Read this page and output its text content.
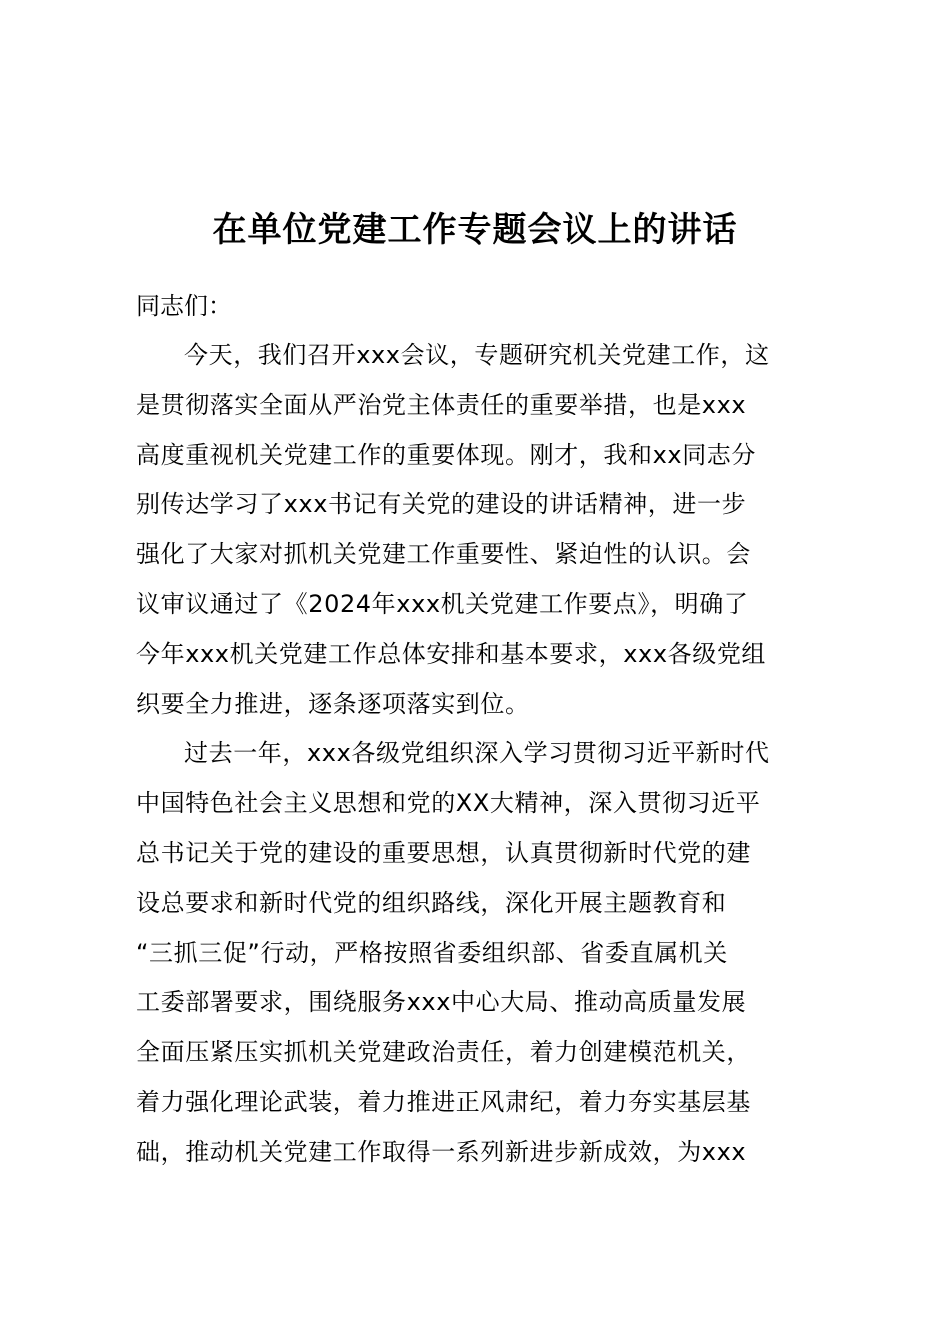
在单位党建工作专题会议上的讲话
同志们：
今天，我们召开xxx会议，专题研究机关党建工作，这
是贯彻落实全面从严治党主体责任的重要举措，也是xxx
高度重视机关党建工作的重要体现。刚才，我和xx同志分
别传达学习了xxx书记有关党的建设的讲话精神，进一步
强化了大家对抓机关党建工作重要性、紧迫性的认识。会
议审议通过了《2024年xxx机关党建工作要点》，明确了
今年xxx机关党建工作总体安排和基本要求，xxx各级党组
织要全力推进，逐条逐项落实到位。
过去一年，xxx各级党组织深入学习贯彻习近平新时代
中国特色社会主义思想和党的XX大精神，深入贯彻习近平
总书记关于党的建设的重要思想，认真贯彻新时代党的建
设总要求和新时代党的组织路线，深化开展主题教育和
“三抓三促”行动，严格按照省委组织部、省委直属机关
工委部署要求，围绕服务xxx中心大局、推动高质量发展
全面压紧压实抓机关党建政治责任，着力创建模范机关，
着力强化理论武装，着力推进正风肃纪，着力夯实基层基
础，推动机关党建工作取得一系列新进步新成效，为xxx
